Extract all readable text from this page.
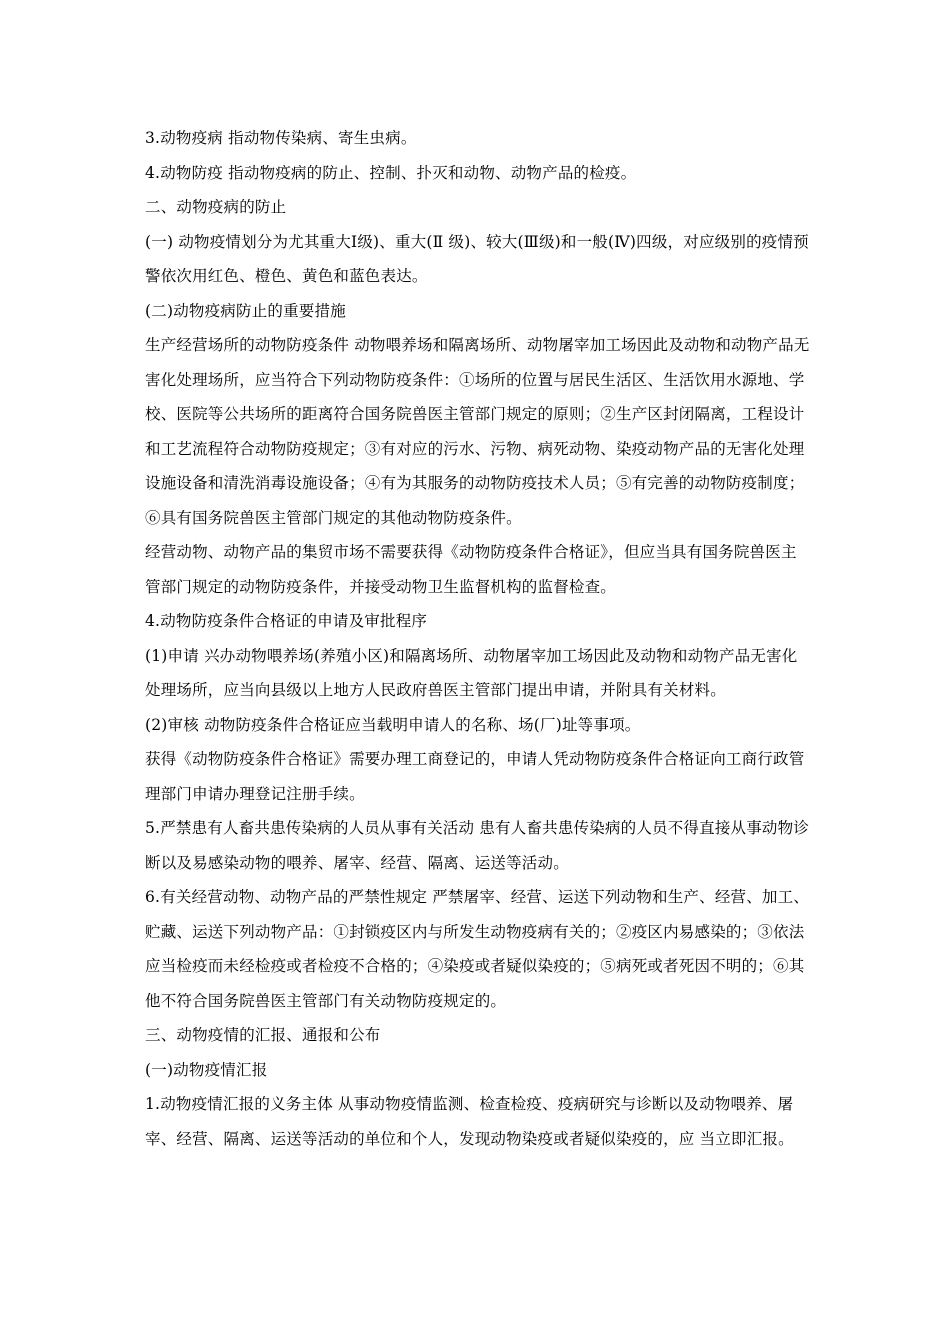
3.动物疫病 指动物传染病、寄生虫病。

4.动物防疫 指动物疫病的防止、控制、扑灭和动物、动物产品的检疫。

二、动物疫病的防止

(一) 动物疫情划分为尤其重大Ⅰ级)、重大(Ⅱ 级)、较大(Ⅲ级)和一般(Ⅳ)四级，对应级别的疫情预警依次用红色、橙色、黄色和蓝色表达。

(二)动物疫病防止的重要措施

生产经营场所的动物防疫条件 动物喂养场和隔离场所、动物屠宰加工场因此及动物和动物产品无害化处理场所，应当符合下列动物防疫条件：①场所的位置与居民生活区、生活饮用水源地、学校、医院等公共场所的距离符合国务院兽医主管部门规定的原则；②生产区封闭隔离，工程设计和工艺流程符合动物防疫规定；③有对应的污水、污物、病死动物、染疫动物产品的无害化处理设施设备和清洗消毒设施设备；④有为其服务的动物防疫技术人员；⑤有完善的动物防疫制度；⑥具有国务院兽医主管部门规定的其他动物防疫条件。

经营动物、动物产品的集贸市场不需要获得《动物防疫条件合格证》，但应当具有国务院兽医主管部门规定的动物防疫条件，并接受动物卫生监督机构的监督检查。

4.动物防疫条件合格证的申请及审批程序

(1)申请 兴办动物喂养场(养殖小区)和隔离场所、动物屠宰加工场因此及动物和动物产品无害化处理场所，应当向县级以上地方人民政府兽医主管部门提出申请，并附具有关材料。

(2)审核 动物防疫条件合格证应当载明申请人的名称、场(厂)址等事项。

获得《动物防疫条件合格证》需要办理工商登记的，申请人凭动物防疫条件合格证向工商行政管理部门申请办理登记注册手续。

5.严禁患有人畜共患传染病的人员从事有关活动 患有人畜共患传染病的人员不得直接从事动物诊断以及易感染动物的喂养、屠宰、经营、隔离、运送等活动。

6.有关经营动物、动物产品的严禁性规定 严禁屠宰、经营、运送下列动物和生产、经营、加工、贮藏、运送下列动物产品：①封锁疫区内与所发生动物疫病有关的；②疫区内易感染的；③依法应当检疫而未经检疫或者检疫不合格的；④染疫或者疑似染疫的；⑤病死或者死因不明的；⑥其他不符合国务院兽医主管部门有关动物防疫规定的。

三、动物疫情的汇报、通报和公布

(一)动物疫情汇报

1.动物疫情汇报的义务主体 从事动物疫情监测、检查检疫、疫病研究与诊断以及动物喂养、屠宰、经营、隔离、运送等活动的单位和个人，发现动物染疫或者疑似染疫的，应 当立即汇报。
